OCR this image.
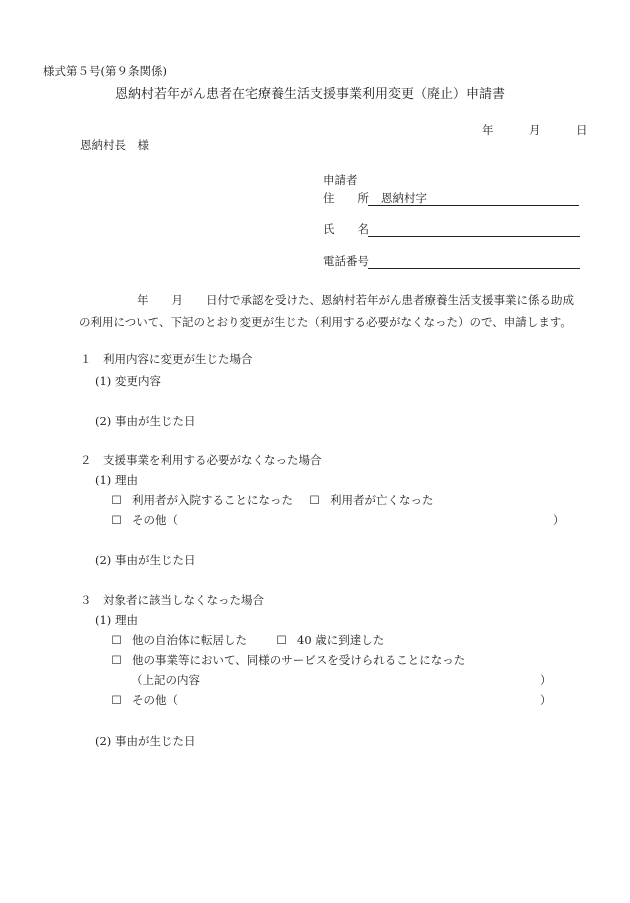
様式第５号(第９条関係)
恩納村若年がん患者在宅療養生活支援事業利用変更（廃止）申請書
年	月	日
恩納村長　様
申請者
住　　所 恩納村字
氏　　名
電話番号
年　　月　　日付で承認を受けた、恩納村若年がん患者療養生活支援事業に係る助成
の利用について、下記のとおり変更が生じた（利用する必要がなくなった）ので、申請します。
１　利用内容に変更が生じた場合
(1) 変更内容
(2) 事由が生じた日
２　支援事業を利用する必要がなくなった場合
(1) 理由
☐ 利用者が入院することになった ☐ 利用者が亡くなった
☐ その他（	）
(2) 事由が生じた日
３　対象者に該当しなくなった場合
(1) 理由
☐ 他の自治体に転居した	☐ 40 歳に到達した
☐ 他の事業等において、同様のサービスを受けられることになった
（上記の内容	）
☐ その他（	）
(2) 事由が生じた日
